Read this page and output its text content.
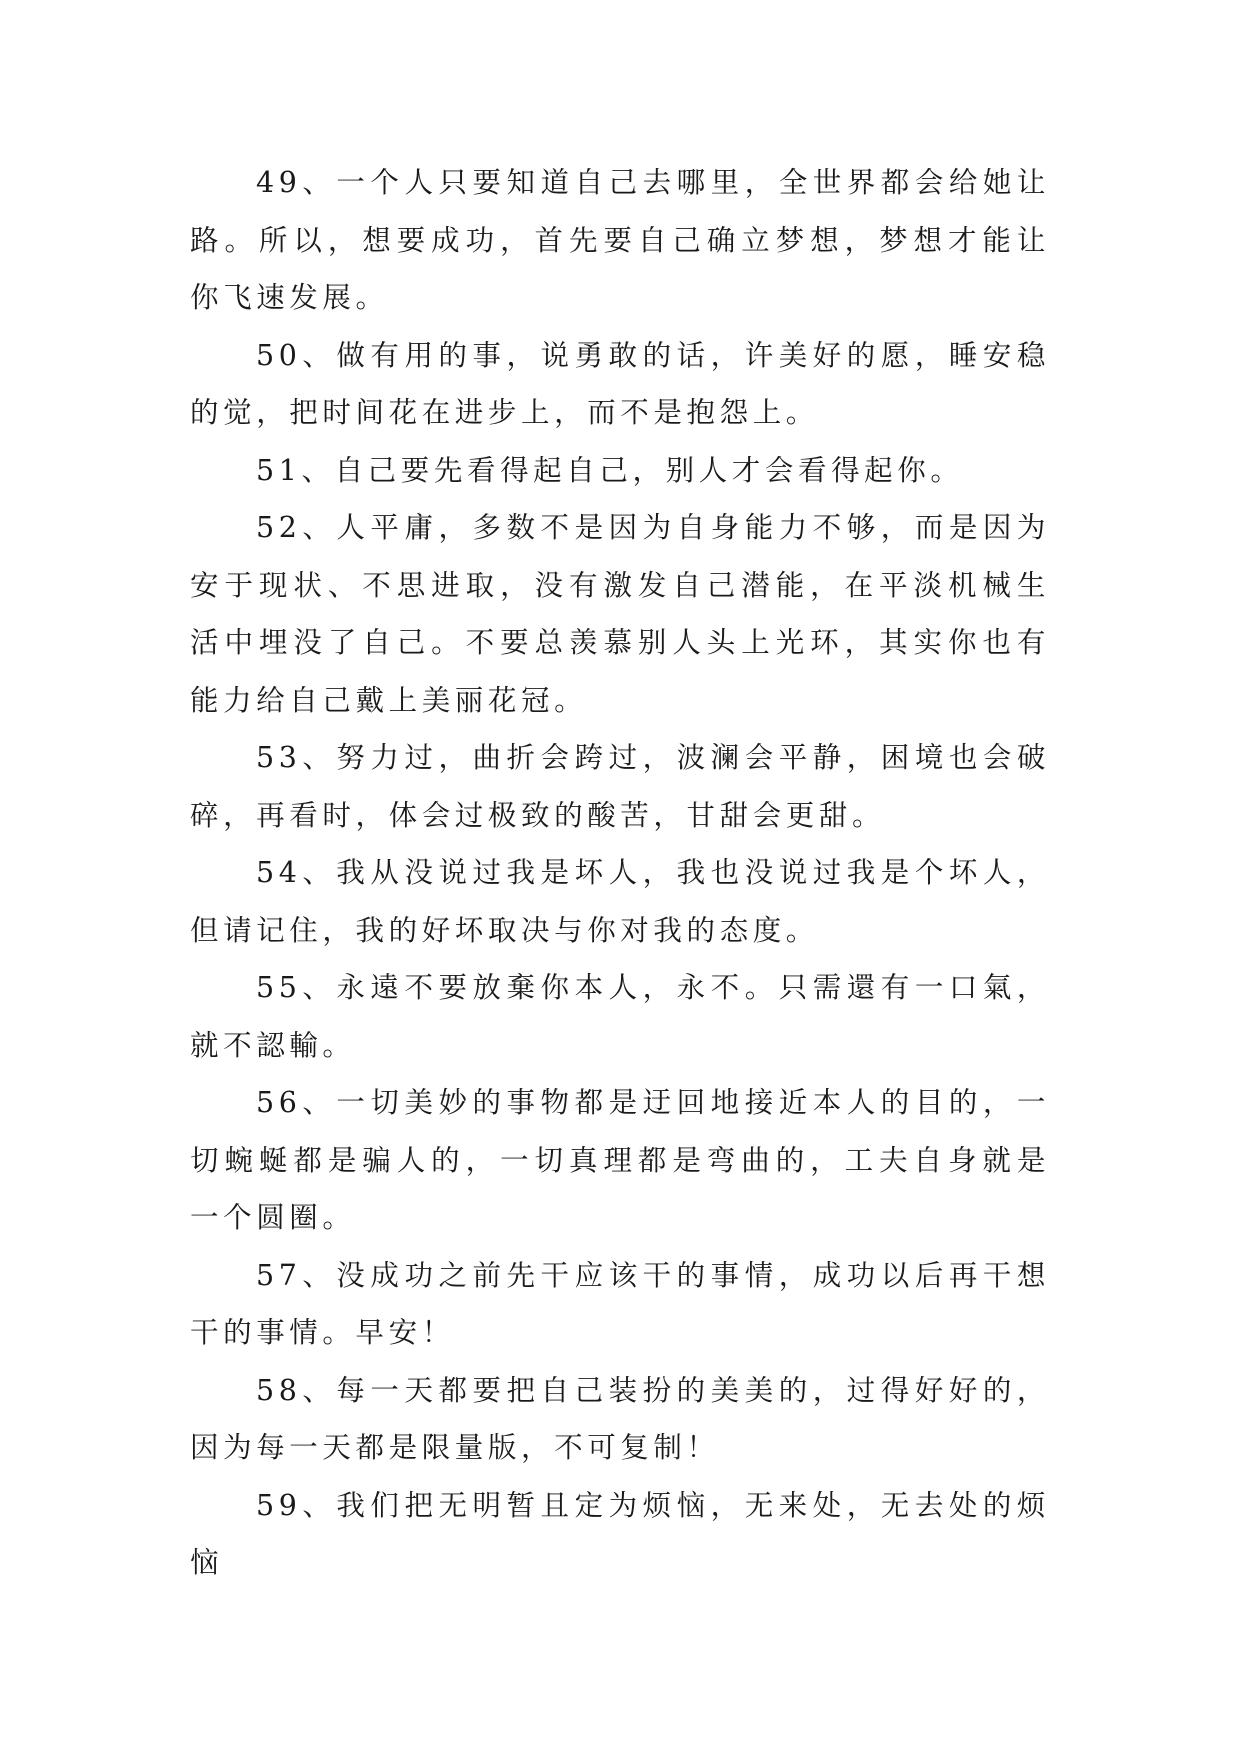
49、一个人只要知道自己去哪里，全世界都会给她让路。所以，想要成功，首先要自己确立梦想，梦想才能让你飞速发展。

50、做有用的事，说勇敢的话，许美好的愿，睡安稳的觉，把时间花在进步上，而不是抱怨上。

51、自己要先看得起自己，别人才会看得起你。

52、人平庸，多数不是因为自身能力不够，而是因为安于现状、不思进取，没有激发自己潜能，在平淡机械生活中埋没了自己。不要总羡慕别人头上光环，其实你也有能力给自己戴上美丽花冠。

53、努力过，曲折会跨过，波澜会平静，困境也会破碎，再看时，体会过极致的酸苦，甘甜会更甜。

54、我从没说过我是坏人，我也没说过我是个坏人，但请记住，我的好坏取决与你对我的态度。

55、永遠不要放棄你本人，永不。只需還有一口氣，就不認輸。

56、一切美妙的事物都是迂回地接近本人的目的，一切蜿蜒都是骗人的，一切真理都是弯曲的，工夫自身就是一个圆圈。

57、没成功之前先干应该干的事情，成功以后再干想干的事情。早安！

58、每一天都要把自己装扮的美美的，过得好好的，因为每一天都是限量版，不可复制！

59、我们把无明暂且定为烦恼，无来处，无去处的烦恼
